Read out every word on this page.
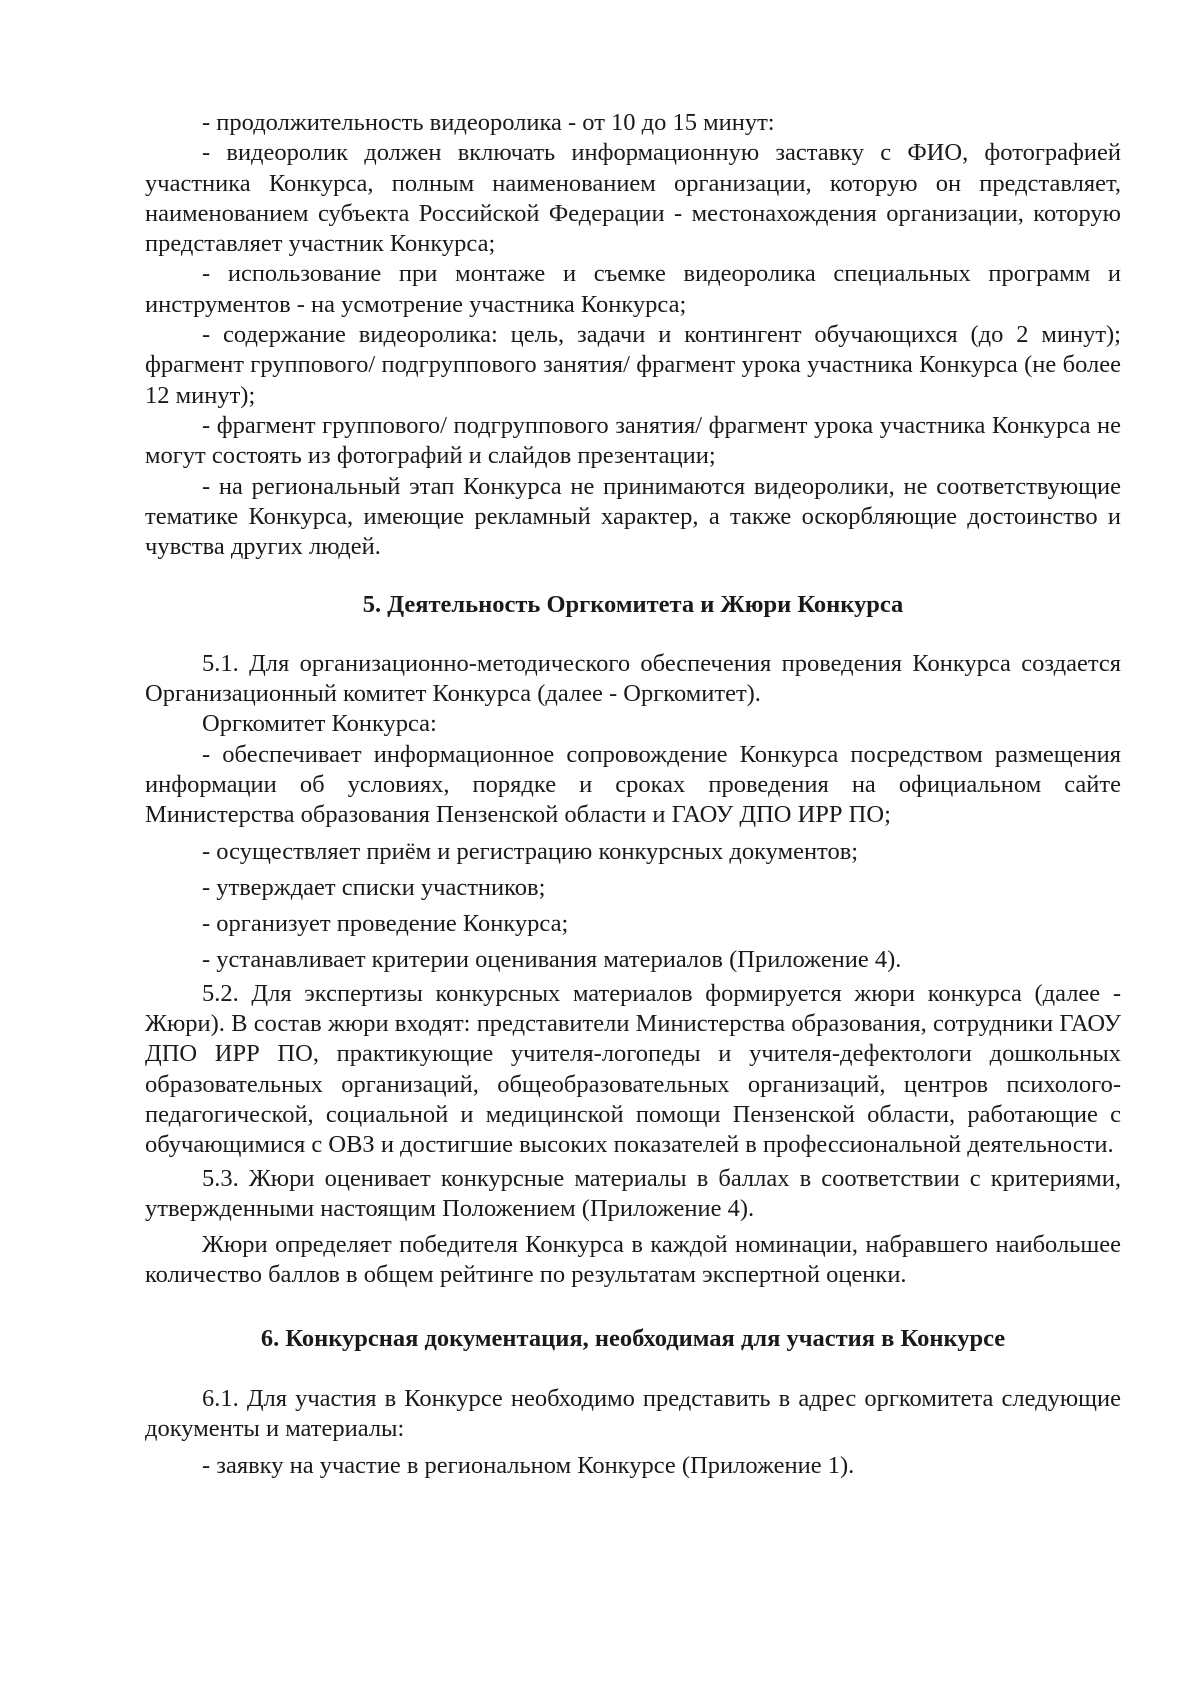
- продолжительность видеоролика - от 10 до 15 минут:

- видеоролик должен включать информационную заставку с ФИО, фотографией участника Конкурса, полным наименованием организации, которую он представляет, наименованием субъекта Российской Федерации - местонахождения организации, которую представляет участник Конкурса;

- использование при монтаже и съемке видеоролика специальных программ и инструментов - на усмотрение участника Конкурса;

- содержание видеоролика: цель, задачи и контингент обучающихся (до 2 минут); фрагмент группового/ подгруппового занятия/ фрагмент урока участника Конкурса (не более 12 минут);

- фрагмент группового/ подгруппового занятия/ фрагмент урока участника Конкурса не могут состоять из фотографий и слайдов презентации;

- на региональный этап Конкурса не принимаются видеоролики, не соответствующие тематике Конкурса, имеющие рекламный характер, а также оскорбляющие достоинство и чувства других людей.

5. Деятельность Оргкомитета и Жюри Конкурса

5.1. Для организационно-методического обеспечения проведения Конкурса создается Организационный комитет Конкурса (далее - Оргкомитет).

Оргкомитет Конкурса:

- обеспечивает информационное сопровождение Конкурса посредством размещения информации об условиях, порядке и сроках проведения на официальном сайте Министерства образования Пензенской области и ГАОУ ДПО ИРР ПО;

- осуществляет приём и регистрацию конкурсных документов;

- утверждает списки участников;

- организует проведение Конкурса;

- устанавливает критерии оценивания материалов (Приложение 4).

5.2. Для экспертизы конкурсных материалов формируется жюри конкурса (далее - Жюри). В состав жюри входят: представители Министерства образования, сотрудники ГАОУ ДПО ИРР ПО, практикующие учителя-логопеды и учителя-дефектологи дошкольных образовательных организаций, общеобразовательных организаций, центров психолого-педагогической, социальной и медицинской помощи Пензенской области, работающие с обучающимися с ОВЗ и достигшие высоких показателей в профессиональной деятельности.

5.3. Жюри оценивает конкурсные материалы в баллах в соответствии с критериями, утвержденными настоящим Положением (Приложение 4).

Жюри определяет победителя Конкурса в каждой номинации, набравшего наибольшее количество баллов в общем рейтинге по результатам экспертной оценки.

6. Конкурсная документация, необходимая для участия в Конкурсе

6.1. Для участия в Конкурсе необходимо представить в адрес оргкомитета следующие документы и материалы:

- заявку на участие в региональном Конкурсе (Приложение 1).
